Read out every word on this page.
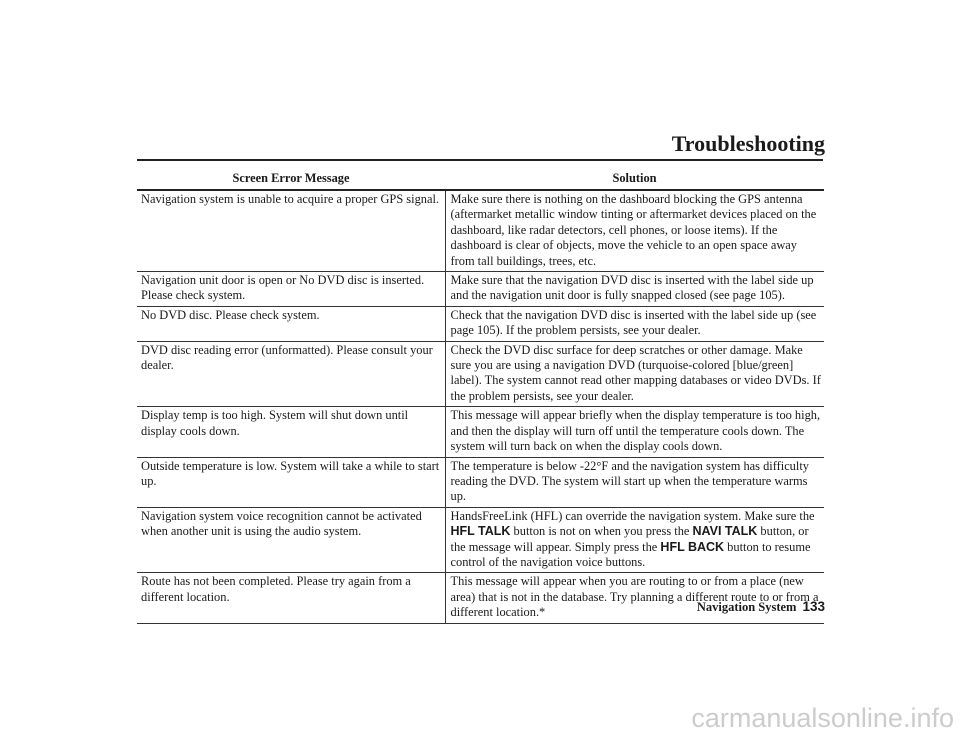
Troubleshooting
Screen Error Message	Solution
Navigation system is unable to acquire a proper GPS signal.	Make sure there is nothing on the dashboard blocking the GPS antenna (aftermarket metallic window tinting or aftermarket devices placed on the dashboard, like radar detectors, cell phones, or loose items). If the dashboard is clear of objects, move the vehicle to an open space away from tall buildings, trees, etc.
Navigation unit door is open or No DVD disc is inserted. Please check system.	Make sure that the navigation DVD disc is inserted with the label side up and the navigation unit door is fully snapped closed (see page 105).
No DVD disc. Please check system.	Check that the navigation DVD disc is inserted with the label side up (see page 105). If the problem persists, see your dealer.
DVD disc reading error (unformatted). Please consult your dealer.	Check the DVD disc surface for deep scratches or other damage. Make sure you are using a navigation DVD (turquoise-colored [blue/green] label). The system cannot read other mapping databases or video DVDs. If the problem persists, see your dealer.
Display temp is too high. System will shut down until display cools down.	This message will appear briefly when the display temperature is too high, and then the display will turn off until the temperature cools down. The system will turn back on when the display cools down.
Outside temperature is low. System will take a while to start up.	The temperature is below -22°F and the navigation system has difficulty reading the DVD. The system will start up when the temperature warms up.
Navigation system voice recognition cannot be activated when another unit is using the audio system.	HandsFreeLink (HFL) can override the navigation system. Make sure the HFL TALK button is not on when you press the NAVI TALK button, or the message will appear. Simply press the HFL BACK button to resume control of the navigation voice buttons.
Route has not been completed. Please try again from a different location.	This message will appear when you are routing to or from a place (new area) that is not in the database. Try planning a different route to or from a different location.*	Navigation System 133
carmanualsonline.info
